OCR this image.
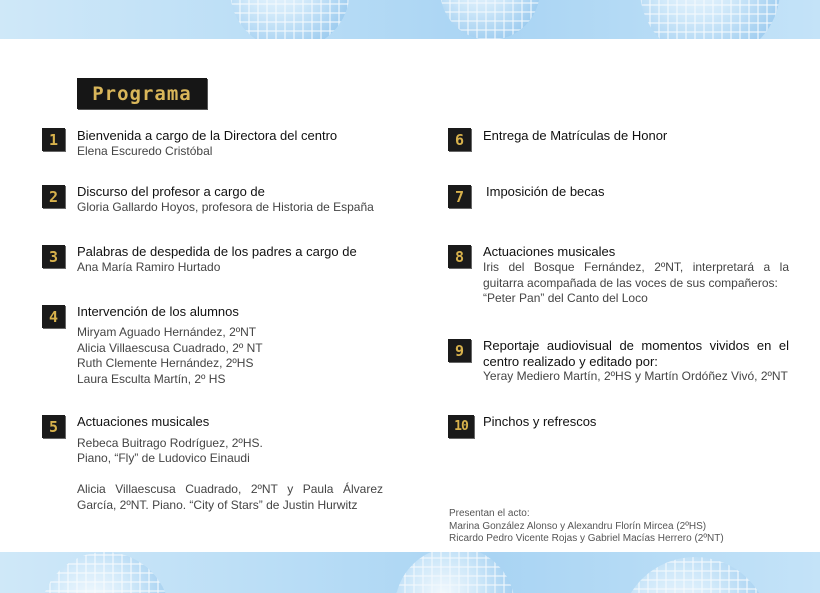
Programa
1	Bienvenida a cargo de la Directora del centro
Elena Escuredo Cristóbal
2	Discurso del profesor a cargo de
Gloria Gallardo Hoyos, profesora de Historia de España
3	Palabras de despedida de los padres a cargo de
Ana María Ramiro Hurtado
4	Intervención de los alumnos
Miryam Aguado Hernández, 2ºNT
Alicia Villaescusa Cuadrado, 2º NT
Ruth Clemente Hernández, 2ºHS
Laura Esculta Martín, 2º HS
5	Actuaciones musicales
Rebeca Buitrago Rodríguez, 2ºHS.
Piano, “Fly” de Ludovico Einaudi
Alicia Villaescusa Cuadrado, 2ºNT y Paula Álvarez García, 2ºNT. Piano. “City of Stars” de Justin Hurwitz
6	Entrega de Matrículas de Honor
7	Imposición de becas
8	Actuaciones musicales
Iris del Bosque Fernández, 2ºNT, interpretará a la guitarra acompañada de las voces de sus compañeros:
“Peter Pan” del Canto del Loco
9	Reportaje audiovisual de momentos vividos en el centro realizado y editado por:
Yeray Mediero Martín, 2ºHS y Martín Ordóñez Vivó, 2ºNT
10	Pinchos y refrescos
Presentan el acto:
Marina González Alonso y Alexandru Florín Mircea (2ºHS)
Ricardo Pedro Vicente Rojas y Gabriel Macías Herrero (2ºNT)
